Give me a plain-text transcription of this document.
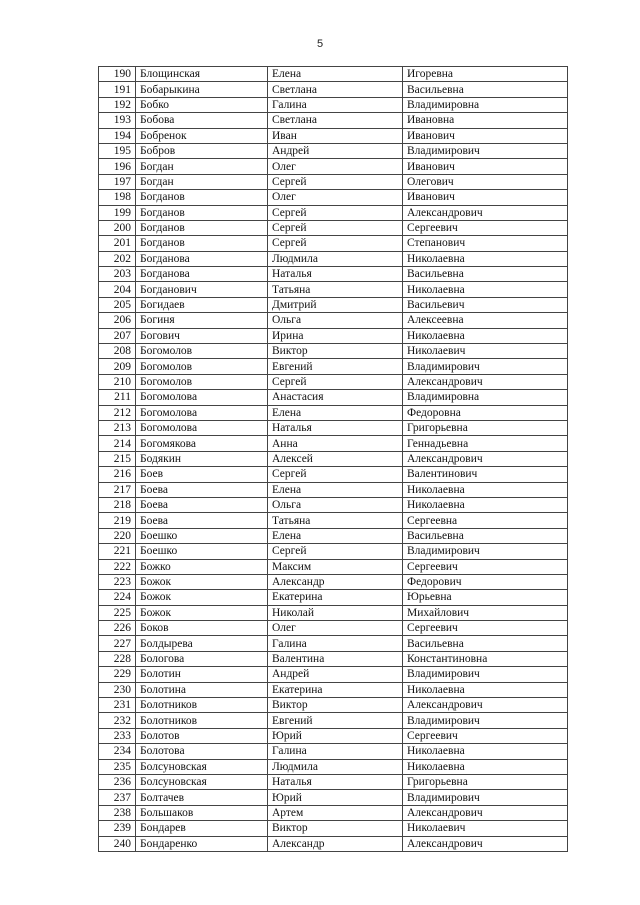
5
190	Блощинская	Елена	Игоревна
191	Бобарыкина	Светлана	Васильевна
192	Бобко	Галина	Владимировна
193	Бобова	Светлана	Ивановна
194	Бобренок	Иван	Иванович
195	Бобров	Андрей	Владимирович
196	Богдан	Олег	Иванович
197	Богдан	Сергей	Олегович
198	Богданов	Олег	Иванович
199	Богданов	Сергей	Александрович
200	Богданов	Сергей	Сергеевич
201	Богданов	Сергей	Степанович
202	Богданова	Людмила	Николаевна
203	Богданова	Наталья	Васильевна
204	Богданович	Татьяна	Николаевна
205	Богидаев	Дмитрий	Васильевич
206	Богиня	Ольга	Алексеевна
207	Богович	Ирина	Николаевна
208	Богомолов	Виктор	Николаевич
209	Богомолов	Евгений	Владимирович
210	Богомолов	Сергей	Александрович
211	Богомолова	Анастасия	Владимировна
212	Богомолова	Елена	Федоровна
213	Богомолова	Наталья	Григорьевна
214	Богомякова	Анна	Геннадьевна
215	Бодякин	Алексей	Александрович
216	Боев	Сергей	Валентинович
217	Боева	Елена	Николаевна
218	Боева	Ольга	Николаевна
219	Боева	Татьяна	Сергеевна
220	Боешко	Елена	Васильевна
221	Боешко	Сергей	Владимирович
222	Божко	Максим	Сергеевич
223	Божок	Александр	Федорович
224	Божок	Екатерина	Юрьевна
225	Божок	Николай	Михайлович
226	Боков	Олег	Сергеевич
227	Болдырева	Галина	Васильевна
228	Бологова	Валентина	Константиновна
229	Болотин	Андрей	Владимирович
230	Болотина	Екатерина	Николаевна
231	Болотников	Виктор	Александрович
232	Болотников	Евгений	Владимирович
233	Болотов	Юрий	Сергеевич
234	Болотова	Галина	Николаевна
235	Болсуновская	Людмила	Николаевна
236	Болсуновская	Наталья	Григорьевна
237	Болтачев	Юрий	Владимирович
238	Большаков	Артем	Александрович
239	Бондарев	Виктор	Николаевич
240	Бондаренко	Александр	Александрович
